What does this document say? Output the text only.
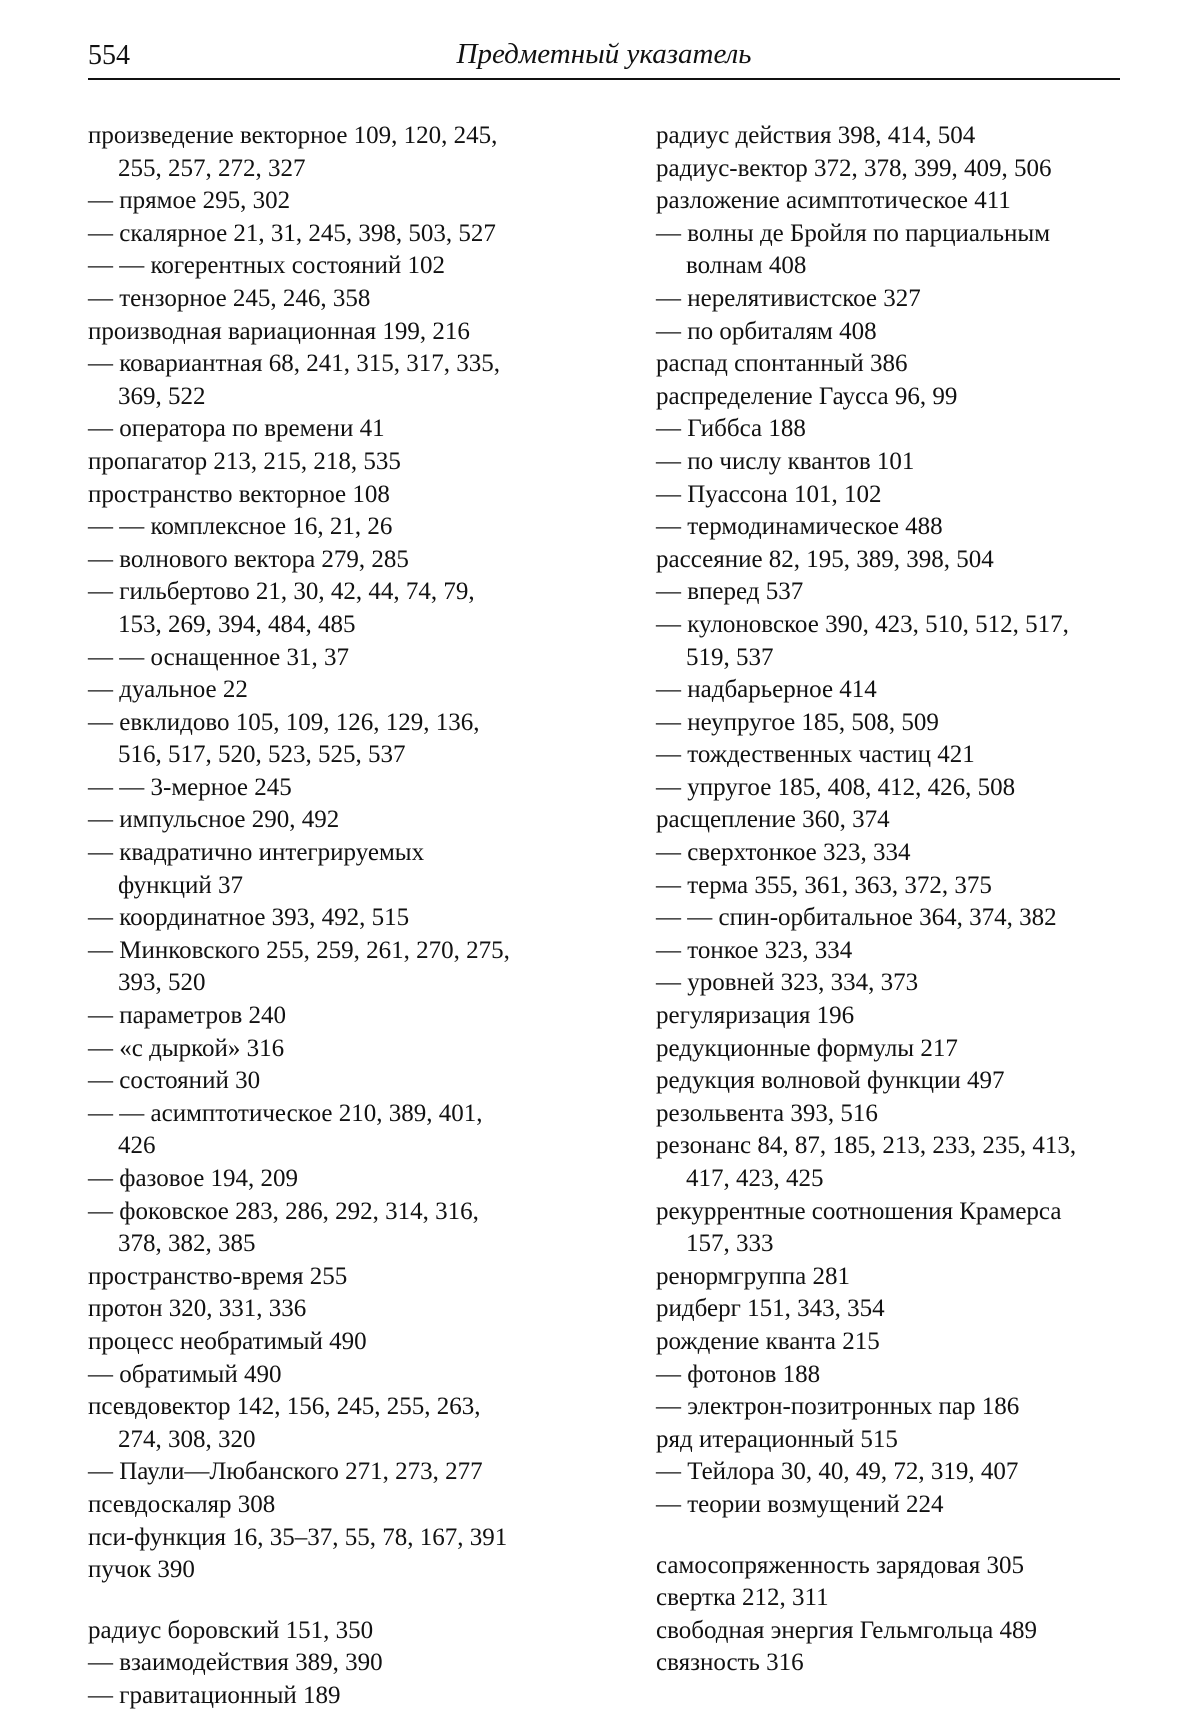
554	Предметный указатель

произведение векторное 109, 120, 245,

255, 257, 272, 327

— прямое 295, 302

— скалярное 21, 31, 245, 398, 503, 527

— — когерентных состояний 102

— тензорное 245, 246, 358

производная вариационная 199, 216

— ковариантная 68, 241, 315, 317, 335,

369, 522

— оператора по времени 41

пропагатор 213, 215, 218, 535

пространство векторное 108

— — комплексное 16, 21, 26

— волнового вектора 279, 285

— гильбертово 21, 30, 42, 44, 74, 79,

153, 269, 394, 484, 485

— — оснащенное 31, 37

— дуальное 22

— евклидово 105, 109, 126, 129, 136,

516, 517, 520, 523, 525, 537

— — 3-мерное 245

— импульсное 290, 492

— квадратично интегрируемых

функций 37

— координатное 393, 492, 515

— Минковского 255, 259, 261, 270, 275,

393, 520

— параметров 240

— «с дыркой» 316

— состояний 30

— — асимптотическое 210, 389, 401,

426

— фазовое 194, 209

— фоковское 283, 286, 292, 314, 316,

378, 382, 385

пространство-время 255

протон 320, 331, 336

процесс необратимый 490

— обратимый 490

псевдовектор 142, 156, 245, 255, 263,

274, 308, 320

— Паули—Любанского 271, 273, 277

псевдоскаляр 308

пси-функция 16, 35–37, 55, 78, 167, 391

пучок 390

радиус боровский 151, 350

— взаимодействия 389, 390

— гравитационный 189

радиус действия 398, 414, 504

радиус-вектор 372, 378, 399, 409, 506

разложение асимптотическое 411

— волны де Бройля по парциальным

волнам 408

— нерелятивистское 327

— по орбиталям 408

распад спонтанный 386

распределение Гаусса 96, 99

— Гиббса 188

— по числу квантов 101

— Пуассона 101, 102

— термодинамическое 488

рассеяние 82, 195, 389, 398, 504

— вперед 537

— кулоновское 390, 423, 510, 512, 517,

519, 537

— надбарьерное 414

— неупругое 185, 508, 509

— тождественных частиц 421

— упругое 185, 408, 412, 426, 508

расщепление 360, 374

— сверхтонкое 323, 334

— терма 355, 361, 363, 372, 375

— — спин-орбитальное 364, 374, 382

— тонкое 323, 334

— уровней 323, 334, 373

регуляризация 196

редукционные формулы 217

редукция волновой функции 497

резольвента 393, 516

резонанс 84, 87, 185, 213, 233, 235, 413,

417, 423, 425

рекуррентные соотношения Крамерса

157, 333

ренормгруппа 281

ридберг 151, 343, 354

рождение кванта 215

— фотонов 188

— электрон-позитронных пар 186

ряд итерационный 515

— Тейлора 30, 40, 49, 72, 319, 407

— теории возмущений 224

самосопряженность зарядовая 305

свертка 212, 311

свободная энергия Гельмгольца 489

связность 316
